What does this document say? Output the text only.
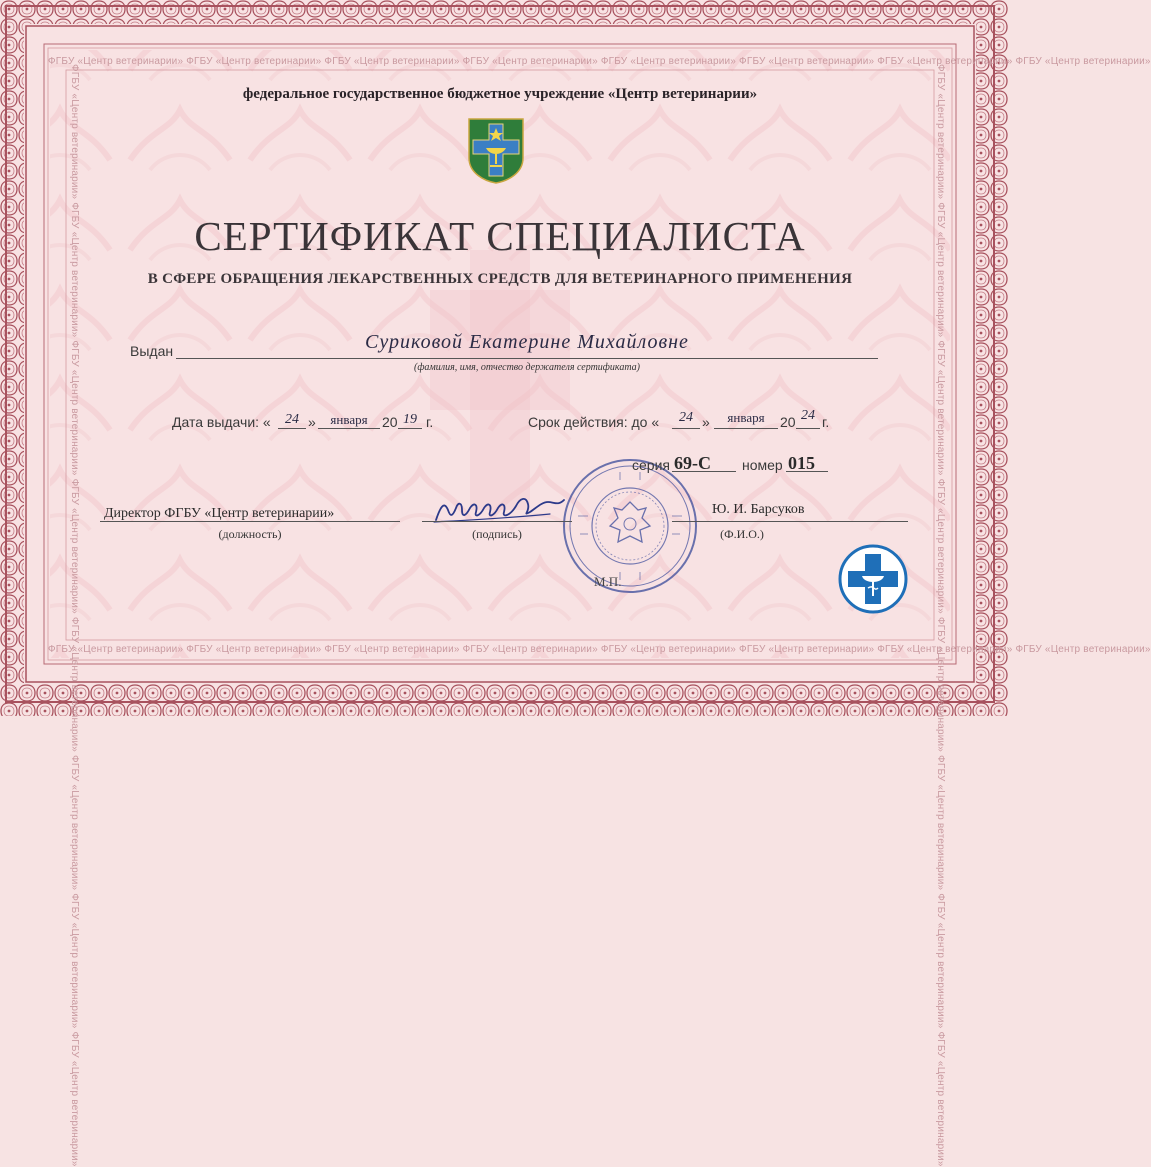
ФГБУ «Центр ветеринарии» ФГБУ «Центр ветеринарии» ФГБУ «Центр ветеринарии» ФГБУ «Центр ветеринарии» ФГБУ «Центр ветеринарии» ФГБУ «Центр ветеринарии» ФГБУ «Центр ветеринарии» ФГБУ «Центр ветеринарии»
ФГБУ «Центр ветеринарии» ФГБУ «Центр ветеринарии» ФГБУ «Центр ветеринарии» ФГБУ «Центр ветеринарии» ФГБУ «Центр ветеринарии» ФГБУ «Центр ветеринарии» ФГБУ «Центр ветеринарии» ФГБУ «Центр ветеринарии»
ФГБУ «Центр ветеринарии» ФГБУ «Центр ветеринарии» ФГБУ «Центр ветеринарии» ФГБУ «Центр ветеринарии» ФГБУ «Центр ветеринарии» ФГБУ «Центр ветеринарии» ФГБУ «Центр ветеринарии» ФГБУ «Центр ветеринарии»	ФГБУ «Центр ветеринарии» ФГБУ «Центр ветеринарии» ФГБУ «Центр ветеринарии» ФГБУ «Центр ветеринарии» ФГБУ «Центр ветеринарии» ФГБУ «Центр ветеринарии» ФГБУ «Центр ветеринарии» ФГБУ «Центр ветеринарии»
федеральное государственное бюджетное учреждение «Центр ветеринарии»
СЕРТИФИКАТ СПЕЦИАЛИСТА
В СФЕРЕ ОБРАЩЕНИЯ ЛЕКАРСТВЕННЫХ СРЕДСТВ ДЛЯ ВЕТЕРИНАРНОГО ПРИМЕНЕНИЯ
Выдан	Суриковой Екатерине Михайловне
(фамилия, имя, отчество держателя сертификата)
Дата выдачи: «	24 »	января	20 19 г.	Срок действия: до «	24 »	января	20 24 г.
серия 69-С номер 015
Директор ФГБУ «Центр ветеринарии»
(должность)	(подпись)
Ю. И. Барсуков
(Ф.И.О.)
М.П.
